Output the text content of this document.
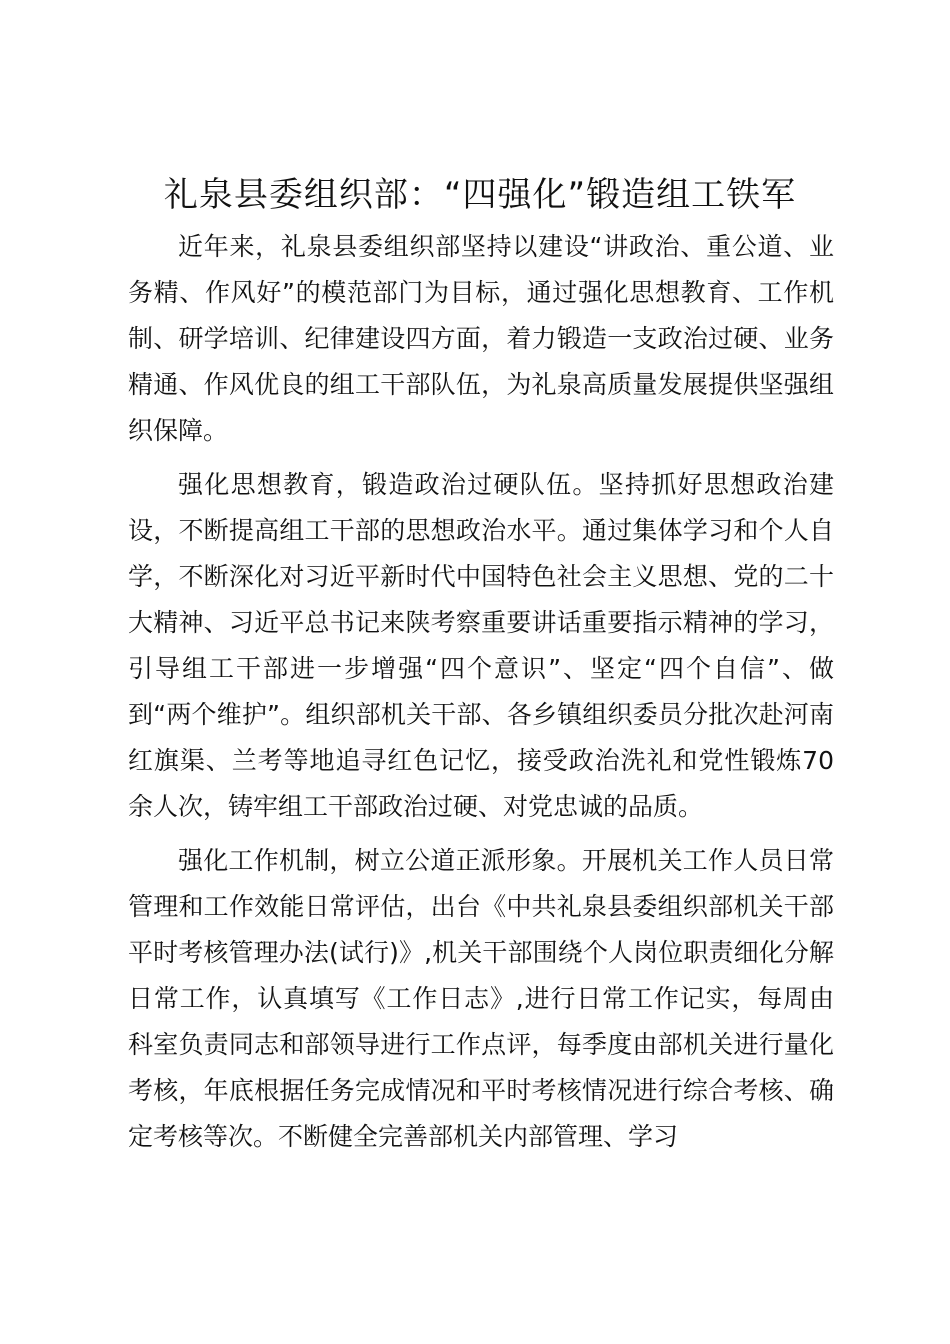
礼泉县委组织部：“四强化”锻造组工铁军

近年来，礼泉县委组织部坚持以建设“讲政治、重公道、业务精、作风好”的模范部门为目标，通过强化思想教育、工作机制、研学培训、纪律建设四方面，着力锻造一支政治过硬、业务精通、作风优良的组工干部队伍，为礼泉高质量发展提供坚强组织保障。

强化思想教育，锻造政治过硬队伍。坚持抓好思想政治建设，不断提高组工干部的思想政治水平。通过集体学习和个人自学，不断深化对习近平新时代中国特色社会主义思想、党的二十大精神、习近平总书记来陕考察重要讲话重要指示精神的学习，引导组工干部进一步增强“四个意识”、坚定“四个自信”、做到“两个维护”。组织部机关干部、各乡镇组织委员分批次赴河南红旗渠、兰考等地追寻红色记忆，接受政治洗礼和党性锻炼70余人次，铸牢组工干部政治过硬、对党忠诚的品质。

强化工作机制，树立公道正派形象。开展机关工作人员日常管理和工作效能日常评估，出台《中共礼泉县委组织部机关干部平时考核管理办法(试行)》,机关干部围绕个人岗位职责细化分解日常工作，认真填写《工作日志》,进行日常工作记实，每周由科室负责同志和部领导进行工作点评，每季度由部机关进行量化考核，年底根据任务完成情况和平时考核情况进行综合考核、确定考核等次。不断健全完善部机关内部管理、学习
